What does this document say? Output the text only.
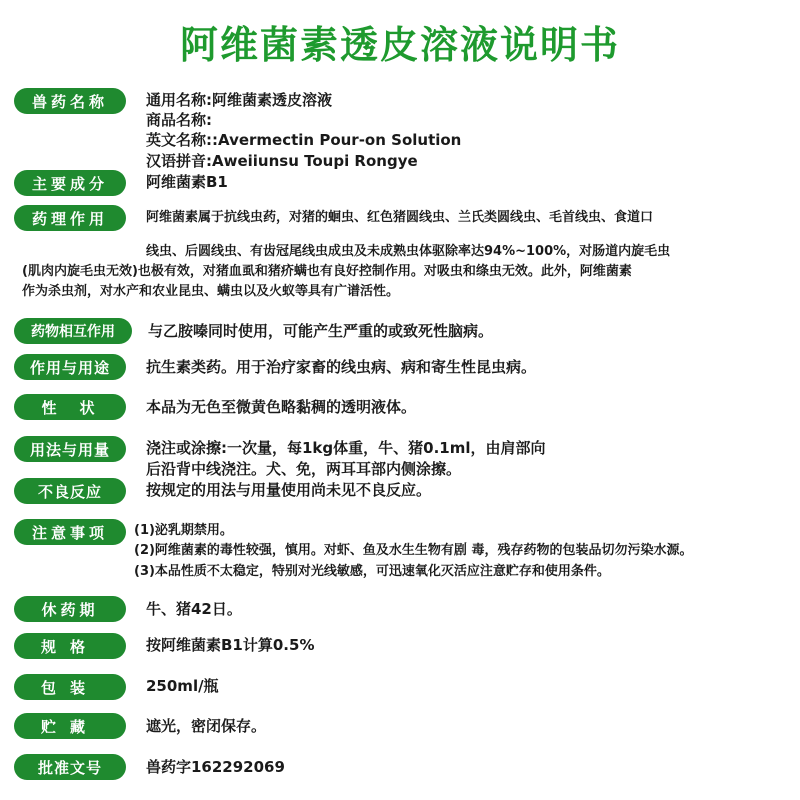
阿维菌素透皮溶液说明书
兽药名称	通用名称:阿维菌素透皮溶液
商品名称:
英文名称::Avermectin Pour-on Solution
汉语拼音:Aweiiunsu Toupi Rongye
主要成分	阿维菌素B1
药理作用	阿维菌素属于抗线虫药，对猪的蛔虫、红色猪圆线虫、兰氏类圆线虫、毛首线虫、食道口
线虫、后圆线虫、有齿冠尾线虫成虫及未成熟虫体驱除率达94%~100%，对肠道内旋毛虫
(肌肉内旋毛虫无效)也极有效，对猪血虱和猪疥螨也有良好控制作用。对吸虫和绦虫无效。此外，阿维菌素
作为杀虫剂，对水产和农业昆虫、螨虫以及火蚁等具有广谱活性。
药物相互作用	与乙胺嗪同时使用，可能产生严重的或致死性脑病。
作用与用途	抗生素类药。用于治疗家畜的线虫病、病和寄生性昆虫病。
性　状	本品为无色至微黄色略黏稠的透明液体。
用法与用量	浇注或涂擦:一次量，每1kg体重，牛、猪0.1ml，由肩部向
后沿背中线浇注。犬、免，两耳耳部内侧涂擦。
不良反应	按规定的用法与用量使用尚未见不良反应。
注意事项	(1)泌乳期禁用。
(2)阿维菌素的毒性较强，慎用。对虾、鱼及水生生物有剧 毒，残存药物的包装品切勿污染水源。
(3)本品性质不太稳定，特别对光线敏感，可迅速氧化灭活应注意贮存和使用条件。
休药期	牛、猪42日。
规格	按阿维菌素B1计算0.5%
包装	250ml/瓶
贮藏	遮光，密闭保存。
批准文号	兽药字162292069
